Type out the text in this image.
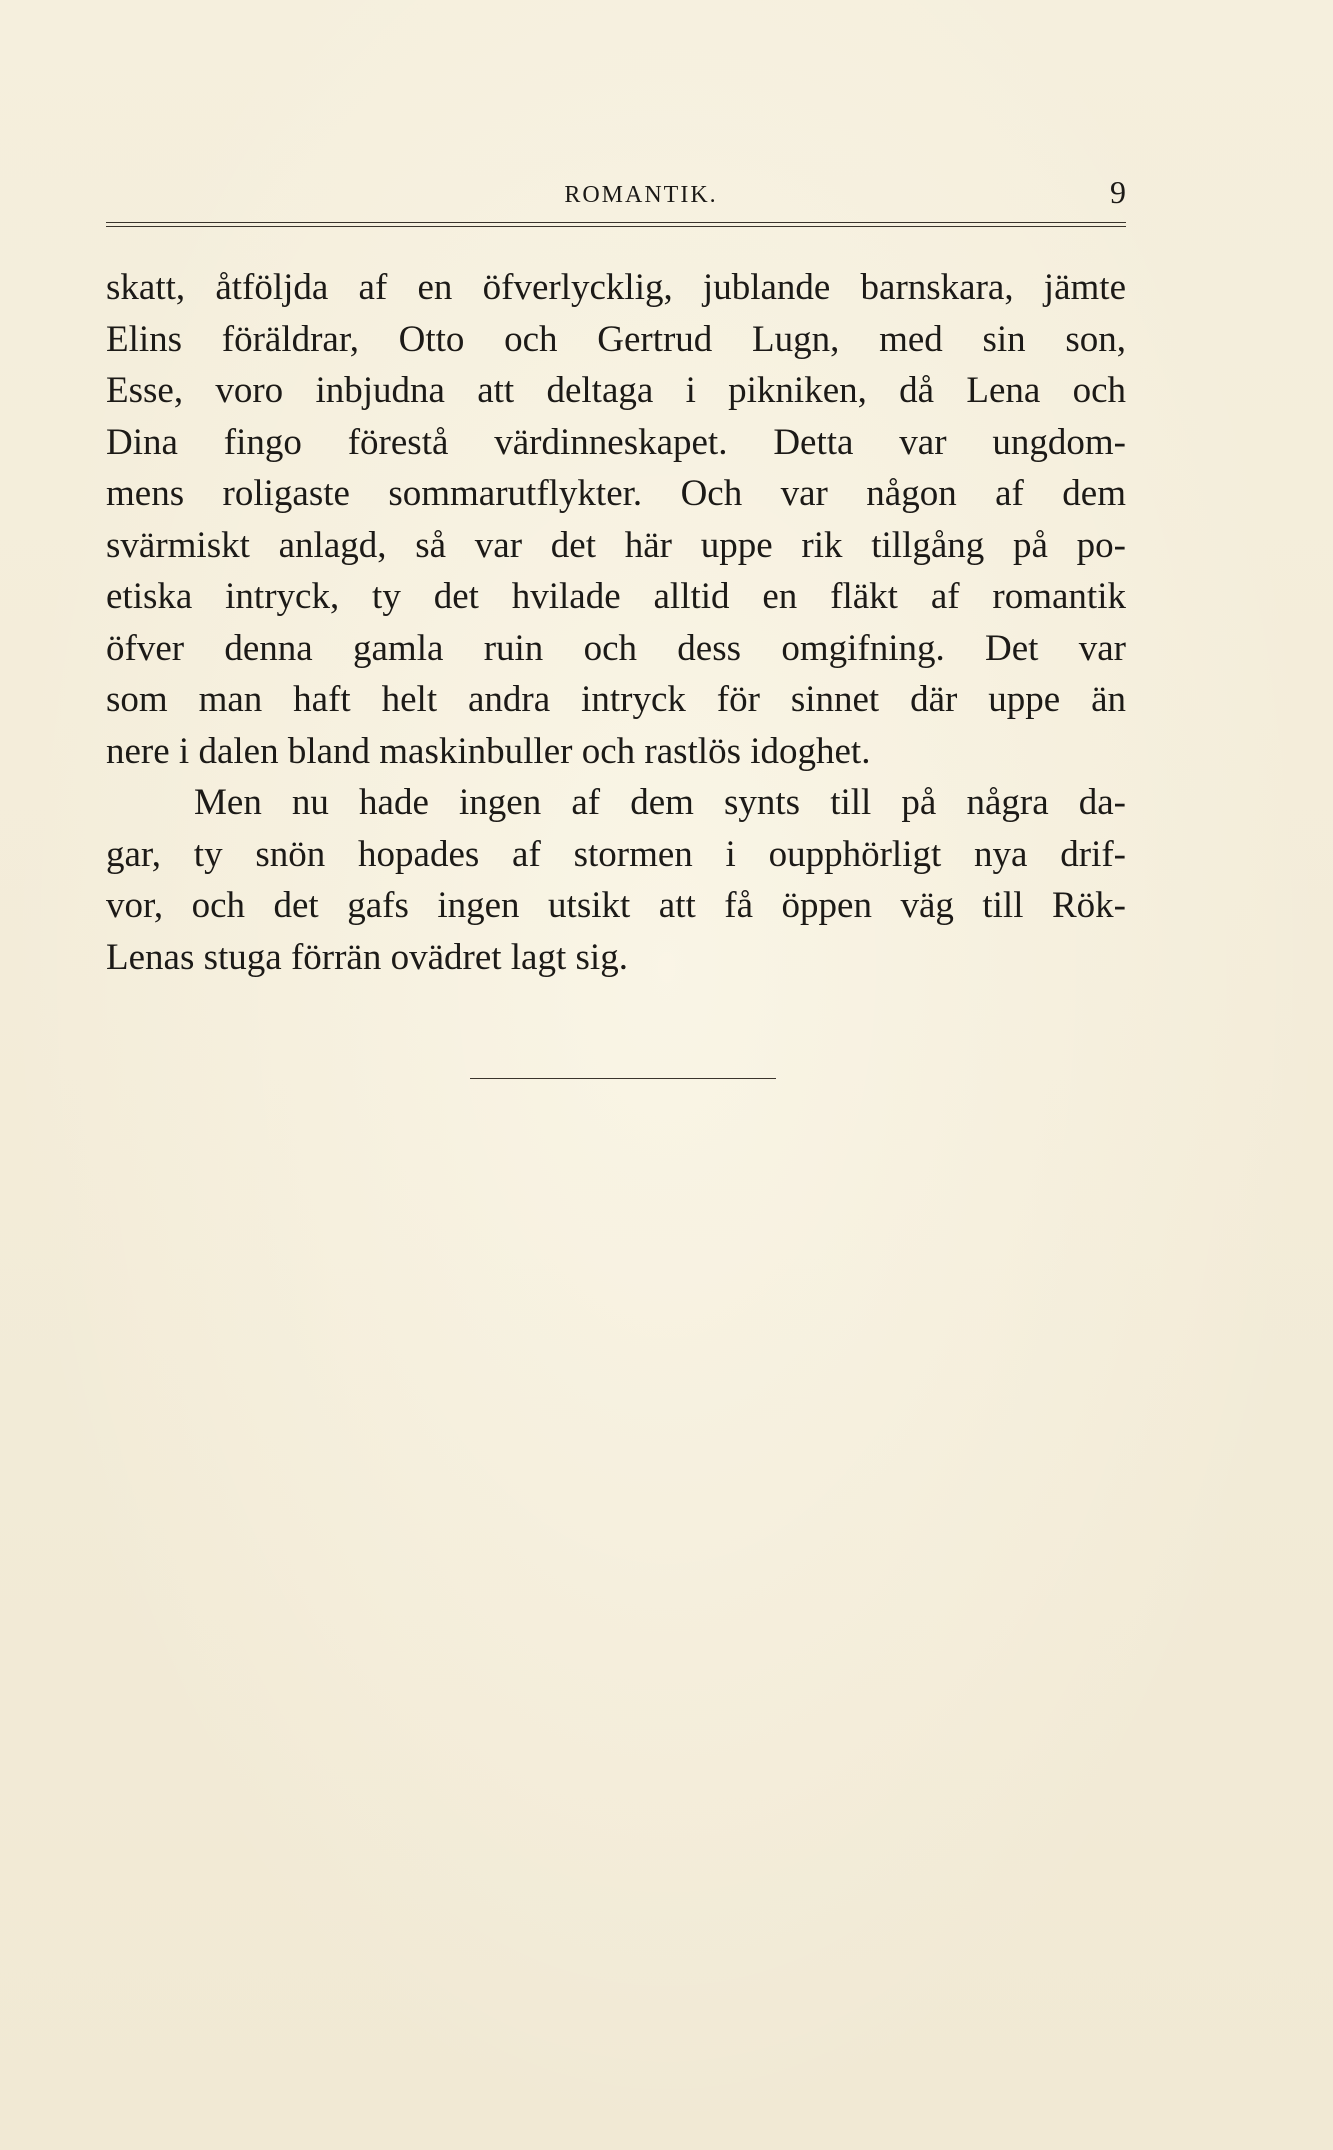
ROMANTIK.	9
skatt, åtföljda af en öfverlycklig, jublande barnskara, jämte
Elins föräldrar, Otto och Gertrud Lugn, med sin son,
Esse, voro inbjudna att deltaga i pikniken, då Lena och
Dina fingo förestå värdinneskapet. Detta var ungdom-
mens roligaste sommarutflykter. Och var någon af dem
svärmiskt anlagd, så var det här uppe rik tillgång på po-
etiska intryck, ty det hvilade alltid en fläkt af romantik
öfver denna gamla ruin och dess omgifning. Det var
som man haft helt andra intryck för sinnet där uppe än
nere i dalen bland maskinbuller och rastlös idoghet.
Men nu hade ingen af dem synts till på några da-
gar, ty snön hopades af stormen i oupphörligt nya drif-
vor, och det gafs ingen utsikt att få öppen väg till Rök-
Lenas stuga förrän ovädret lagt sig.
